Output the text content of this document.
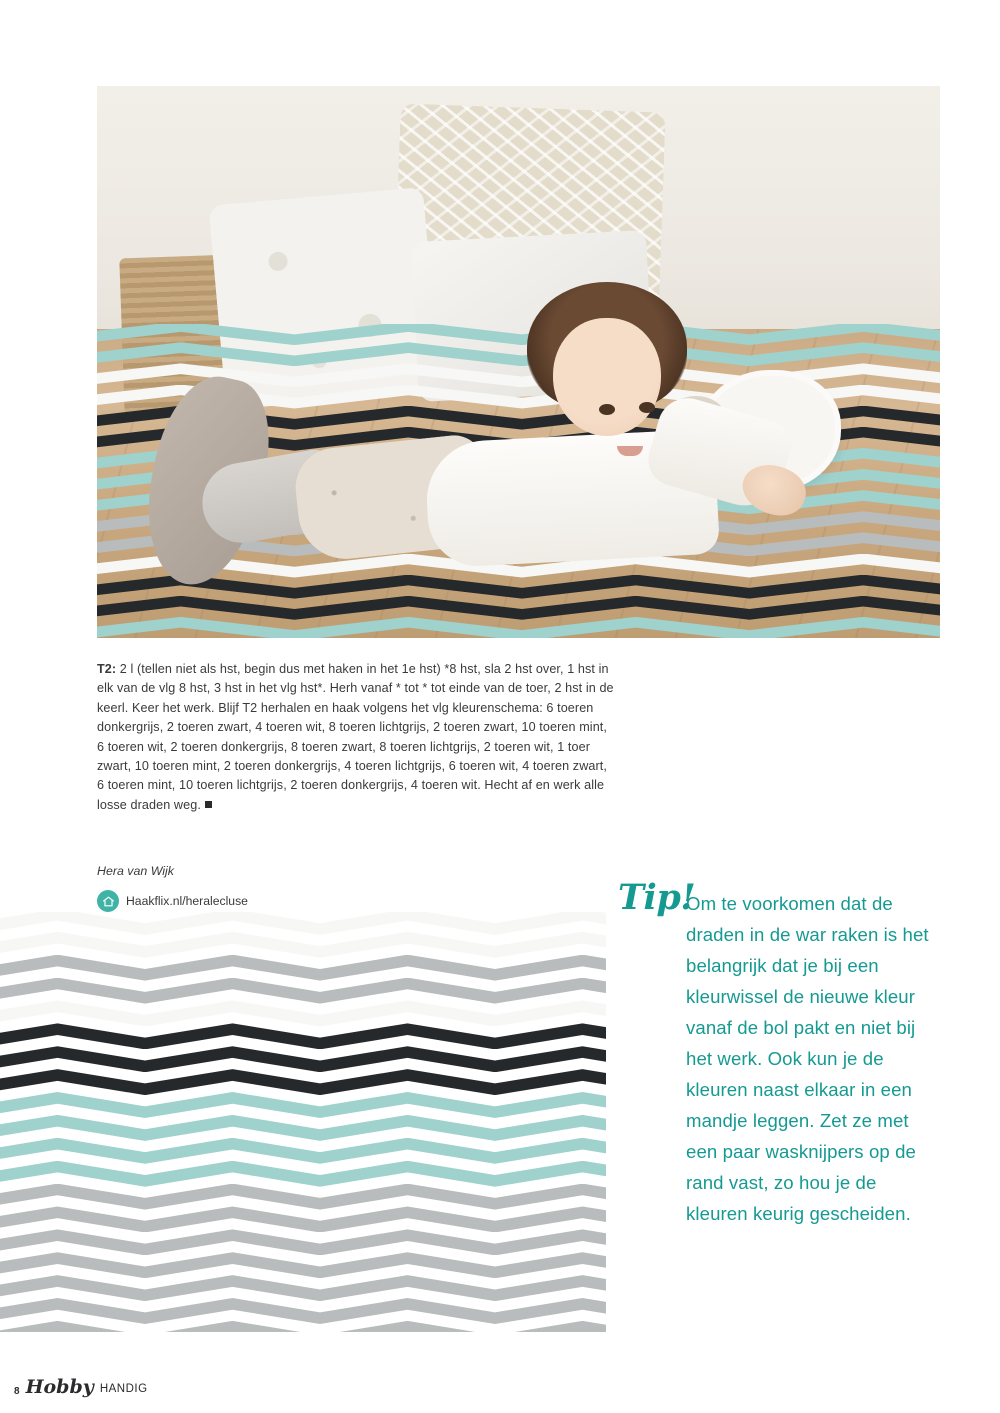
T2: 2 l (tellen niet als hst, begin dus met haken in het 1e hst) *8 hst, sla 2 hst over, 1 hst in elk van de vlg 8 hst, 3 hst in het vlg hst*. Herh vanaf * tot * tot einde van de toer, 2 hst in de keerl. Keer het werk. Blijf T2 herhalen en haak volgens het vlg kleurenschema: 6 toeren donkergrijs, 2 toeren zwart, 4 toeren wit, 8 toeren lichtgrijs, 2 toeren zwart, 10 toeren mint, 6 toeren wit, 2 toeren donkergrijs, 8 toeren zwart, 8 toeren lichtgrijs, 2 toeren wit, 1 toer zwart, 10 toeren mint, 2 toeren donkergrijs, 4 toeren lichtgrijs, 6 toeren wit, 4 toeren zwart, 6 toeren mint, 10 toeren lichtgrijs, 2 toeren donkergrijs, 4 toeren wit. Hecht af en werk alle losse draden weg.
Hera van Wijk
Haakflix.nl/heralecluse	Tip!
Om te voorkomen dat de draden in de war raken is het belangrijk dat je bij een kleurwissel de nieuwe kleur vanaf de bol pakt en niet bij het werk. Ook kun je de kleuren naast elkaar in een mandje leggen. Zet ze met een paar wasknijpers op de rand vast, zo hou je de kleuren keurig gescheiden.
8 Hobby HANDIG
